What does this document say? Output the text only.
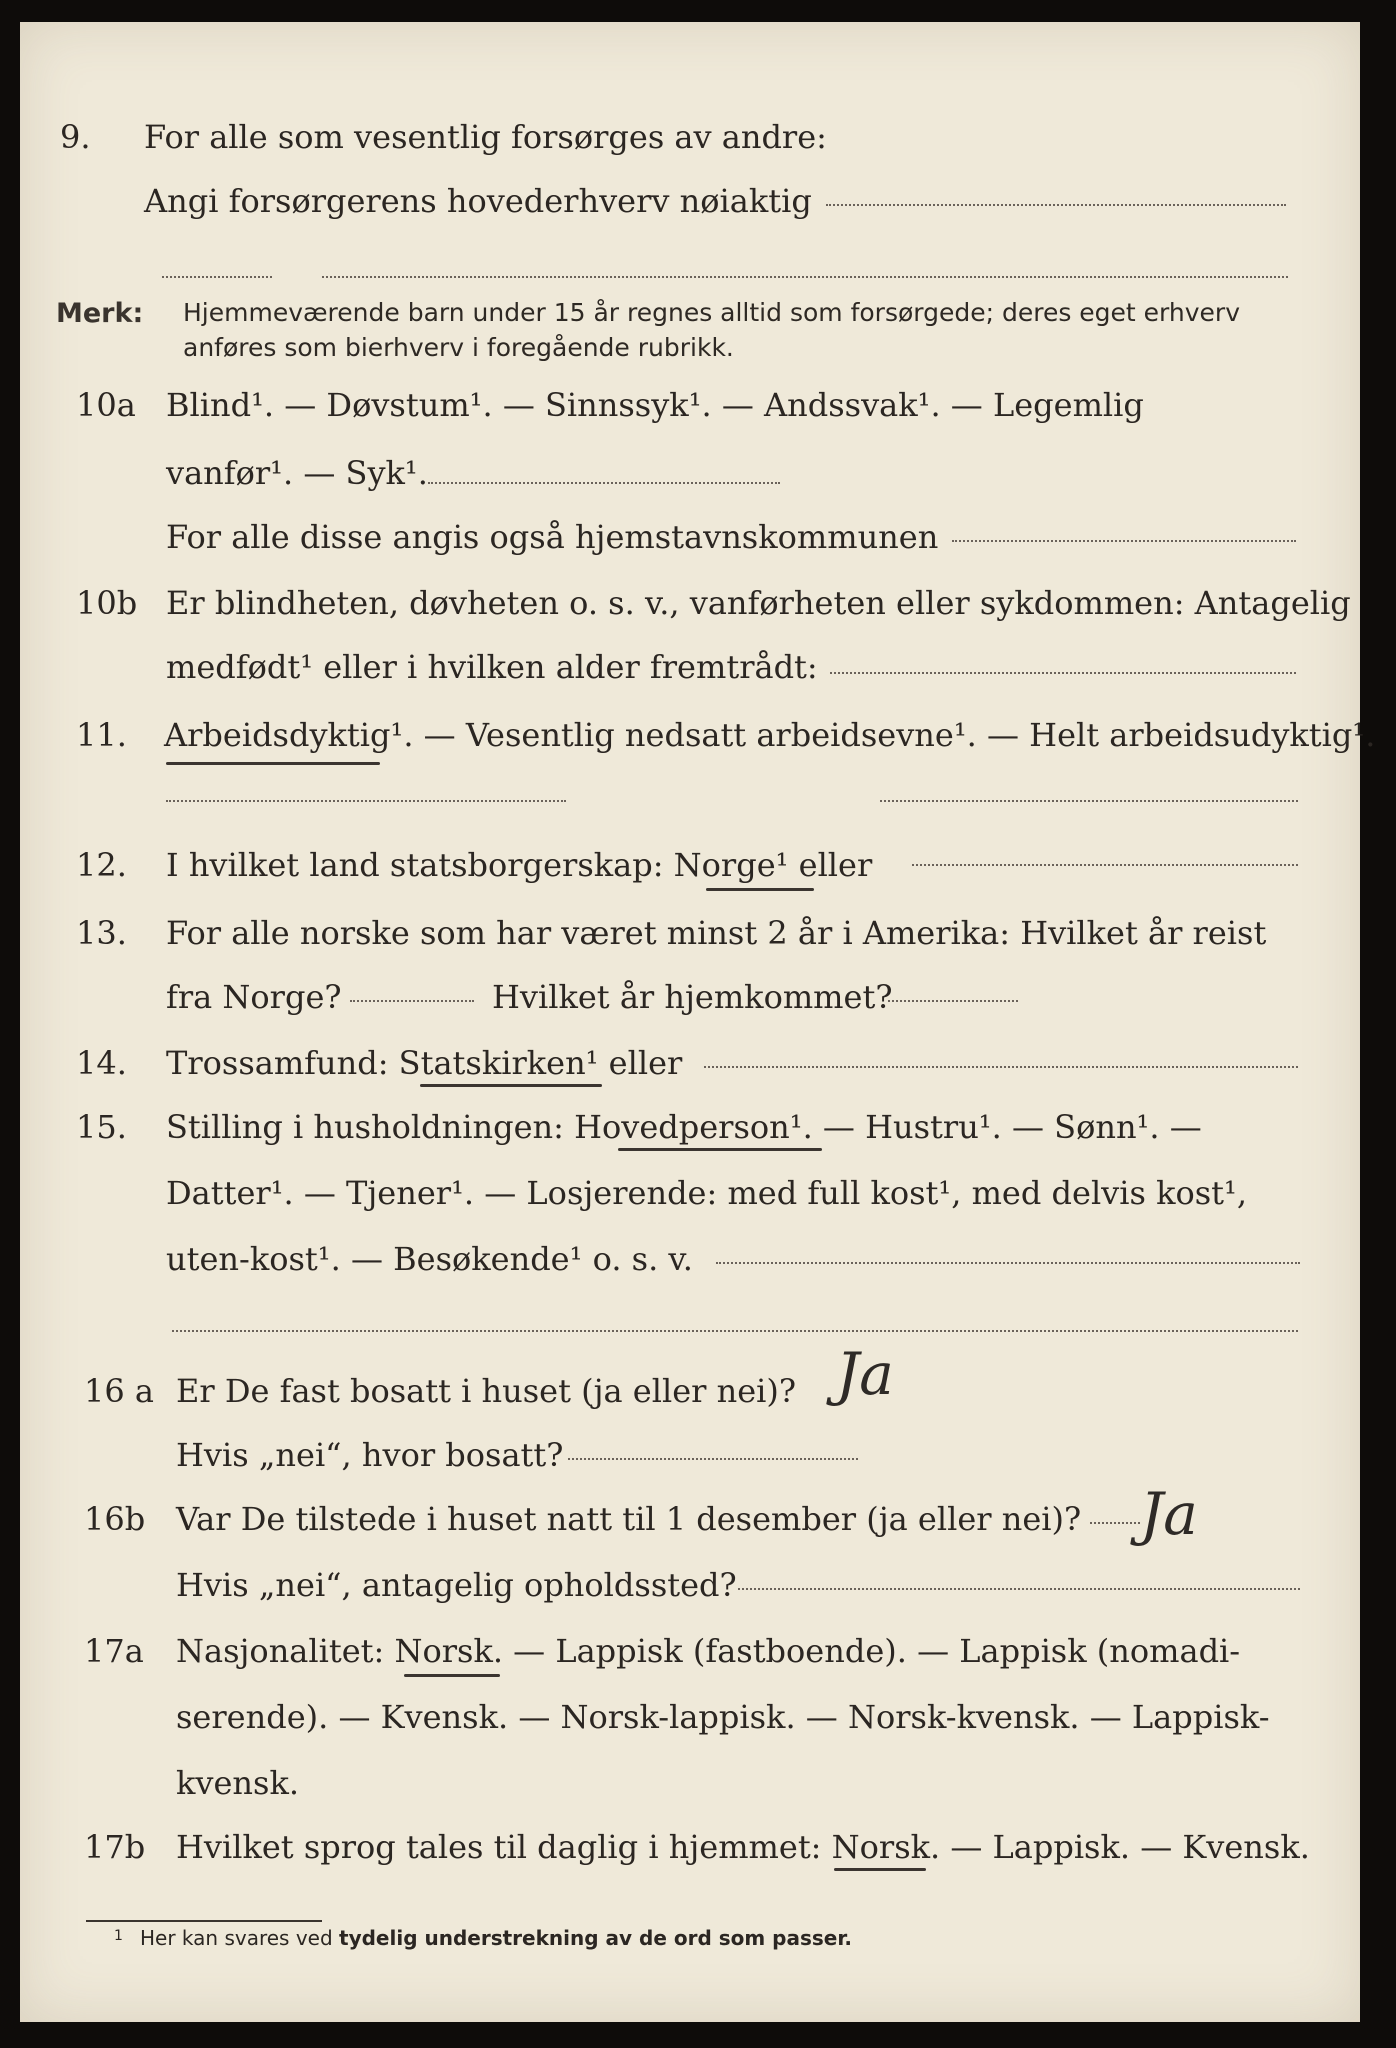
9.	For alle som vesentlig forsørges av andre:
Angi forsørgerens hovederhverv nøiaktig
Merk: Hjemmeværende barn under 15 år regnes alltid som forsørgede; deres eget erhverv
anføres som bierhverv i foregående rubrikk.
10a Blind¹. — Døvstum¹. — Sinnssyk¹. — Andssvak¹. — Legemlig
vanfør¹. — Syk¹.
For alle disse angis også hjemstavnskommunen
10b Er blindheten, døvheten o. s. v., vanførheten eller sykdommen: Antagelig
medfødt¹ eller i hvilken alder fremtrådt:
11.	Arbeidsdyktig¹. — Vesentlig nedsatt arbeidsevne¹. — Helt arbeidsudyktig¹.
12.	I hvilket land statsborgerskap: Norge¹ eller
13.	For alle norske som har været minst 2 år i Amerika: Hvilket år reist
fra Norge?	Hvilket år hjemkommet?
14.	Trossamfund: Statskirken¹ eller
15.	Stilling i husholdningen: Hovedperson¹. — Hustru¹. — Sønn¹. —
Datter¹. — Tjener¹. — Losjerende: med full kost¹, med delvis kost¹,
uten-kost¹. — Besøkende¹ o. s. v.
16 a Er De fast bosatt i huset (ja eller nei)? Ja
Hvis „nei“, hvor bosatt?
16b Var De tilstede i huset natt til 1 desember (ja eller nei)? Ja
Hvis „nei“, antagelig opholdssted?
17a	Nasjonalitet: Norsk. — Lappisk (fastboende). — Lappisk (nomadi-
serende). — Kvensk. — Norsk-lappisk. — Norsk-kvensk. — Lappisk-
kvensk.
17b Hvilket sprog tales til daglig i hjemmet: Norsk. — Lappisk. — Kvensk.
1 Her kan svares ved tydelig understrekning av de ord som passer.
